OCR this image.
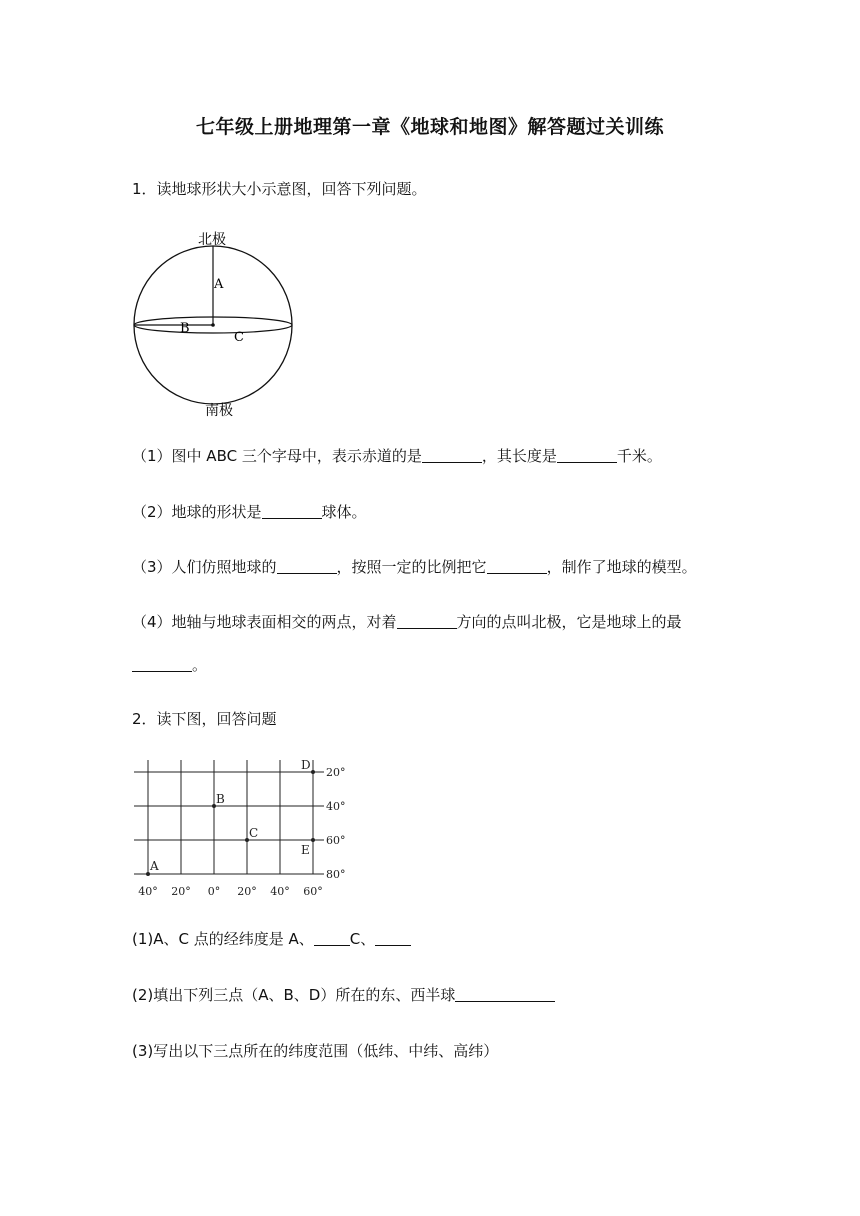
七年级上册地理第一章《地球和地图》解答题过关训练
1．读地球形状大小示意图，回答下列问题。
北极
A
B
C
南极
（1）图中 ABC 三个字母中，表示赤道的是	，其长度是	千米。
（2）地球的形状是	球体。
（3）人们仿照地球的	，按照一定的比例把它	，制作了地球的模型。
（4）地轴与地球表面相交的两点，对着	方向的点叫北极，它是地球上的最
。
2．读下图，回答问题
20°
40°
60°
80°
40° 20° 0° 20° 40° 60°
A
B
C
D
E
(1)A、C 点的经纬度是 A、 C、
(2)填出下列三点（A、B、D）所在的东、西半球
(3)写出以下三点所在的纬度范围（低纬、中纬、高纬）
